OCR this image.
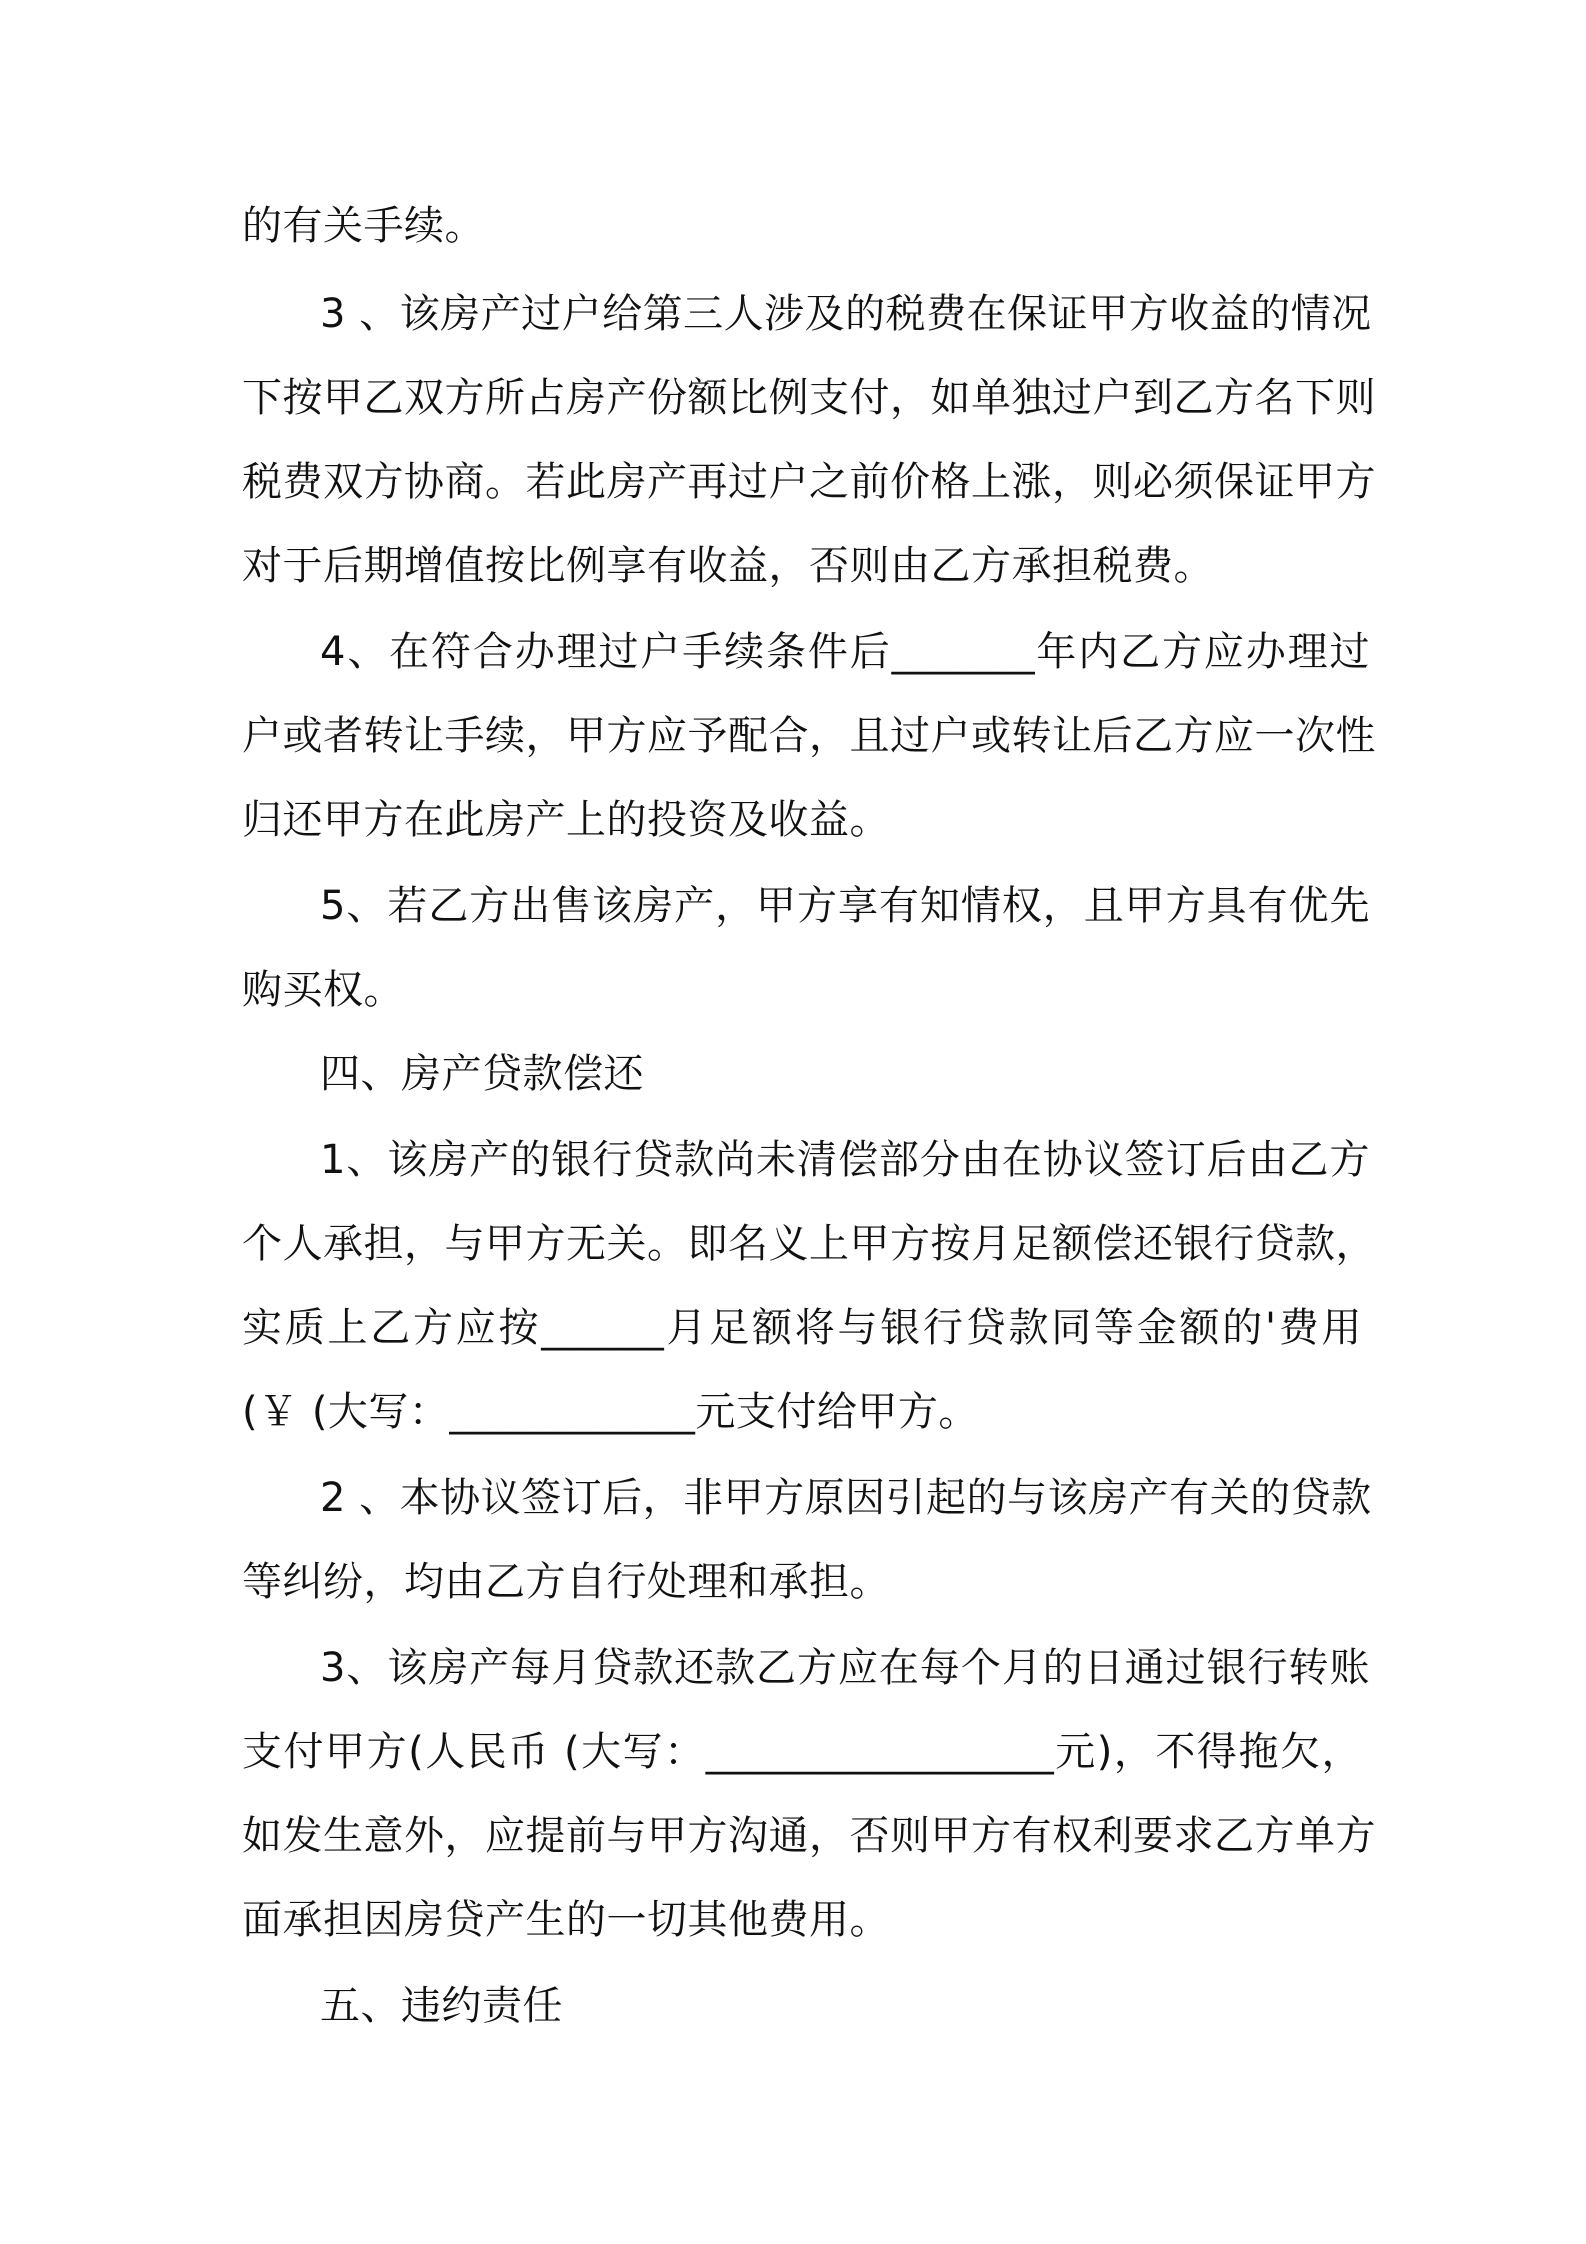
的有关手续。
3 、该房产过户给第三人涉及的税费在保证甲方收益的情况
下按甲乙双方所占房产份额比例支付，如单独过户到乙方名下则
税费双方协商。若此房产再过户之前价格上涨，则必须保证甲方
对于后期增值按比例享有收益，否则由乙方承担税费。
4、在符合办理过户手续条件后_______年内乙方应办理过
户或者转让手续，甲方应予配合，且过户或转让后乙方应一次性
归还甲方在此房产上的投资及收益。
5、若乙方出售该房产，甲方享有知情权，且甲方具有优先
购买权。
四、房产贷款偿还
1、该房产的银行贷款尚未清偿部分由在协议签订后由乙方
个人承担，与甲方无关。即名义上甲方按月足额偿还银行贷款，
实质上乙方应按______月足额将与银行贷款同等金额的'费用
(￥ (大写：____________元支付给甲方。
2 、本协议签订后，非甲方原因引起的与该房产有关的贷款
等纠纷，均由乙方自行处理和承担。
3、该房产每月贷款还款乙方应在每个月的日通过银行转账
支付甲方(人民币 (大写：_________________元)，不得拖欠，
如发生意外，应提前与甲方沟通，否则甲方有权利要求乙方单方
面承担因房贷产生的一切其他费用。
五、违约责任
